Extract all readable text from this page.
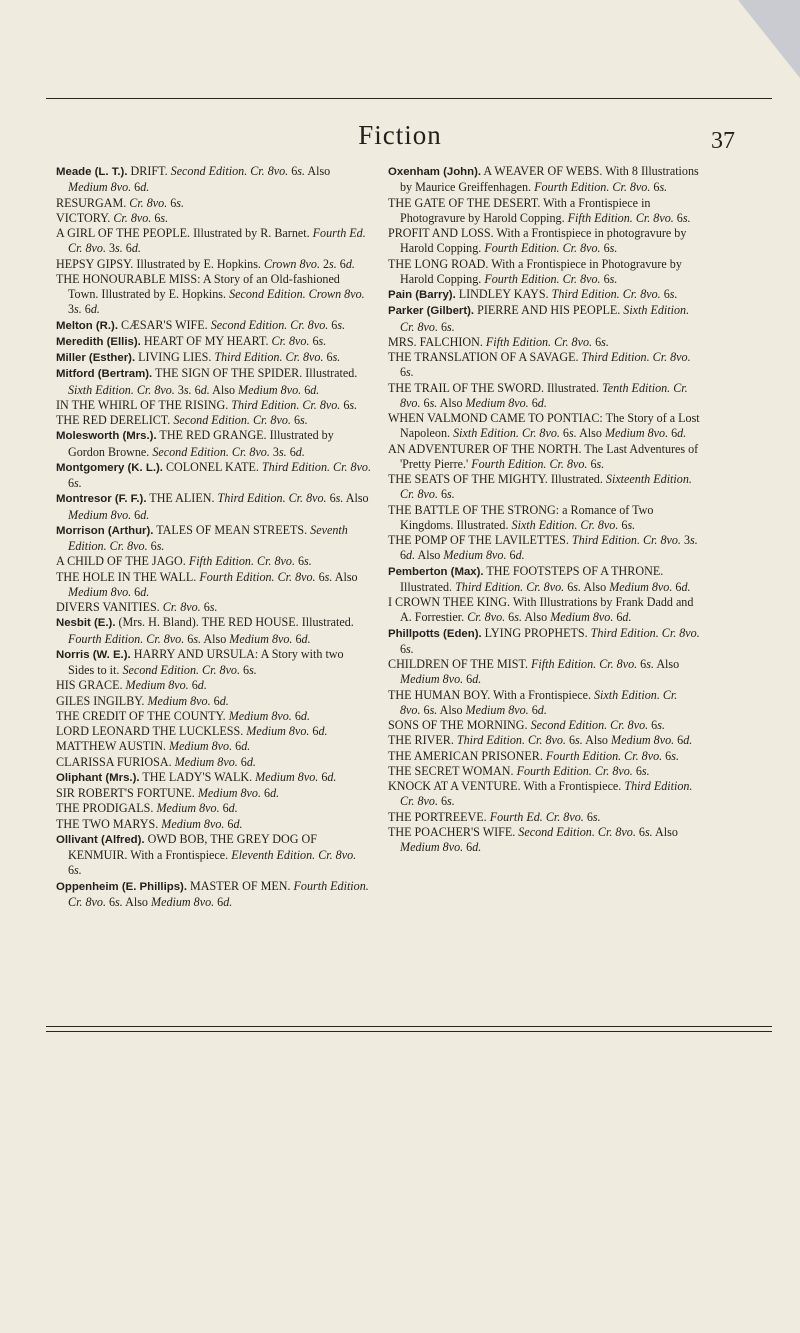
Fiction	37
Meade (L. T.). DRIFT. Second Edition. Cr. 8vo. 6s. Also Medium 8vo. 6d.
RESURGAM. Cr. 8vo. 6s.
VICTORY. Cr. 8vo. 6s.
A GIRL OF THE PEOPLE. Illustrated by R. Barnet. Fourth Ed. Cr. 8vo. 3s. 6d.
HEPSY GIPSY. Illustrated by E. Hopkins. Crown 8vo. 2s. 6d.
THE HONOURABLE MISS: A Story of an Old-fashioned Town. Illustrated by E. Hopkins. Second Edition. Crown 8vo. 3s. 6d.
Melton (R.). CÆSAR'S WIFE. Second Edition. Cr. 8vo. 6s.
Meredith (Ellis). HEART OF MY HEART. Cr. 8vo. 6s.
Miller (Esther). LIVING LIES. Third Edition. Cr. 8vo. 6s.
Mitford (Bertram). THE SIGN OF THE SPIDER. Illustrated. Sixth Edition. Cr. 8vo. 3s. 6d. Also Medium 8vo. 6d.
IN THE WHIRL OF THE RISING. Third Edition. Cr. 8vo. 6s.
THE RED DERELICT. Second Edition. Cr. 8vo. 6s.
Molesworth (Mrs.). THE RED GRANGE. Illustrated by Gordon Browne. Second Edition. Cr. 8vo. 3s. 6d.
Montgomery (K. L.). COLONEL KATE. Third Edition. Cr. 8vo. 6s.
Montresor (F. F.). THE ALIEN. Third Edition. Cr. 8vo. 6s. Also Medium 8vo. 6d.
Morrison (Arthur). TALES OF MEAN STREETS. Seventh Edition. Cr. 8vo. 6s.
A CHILD OF THE JAGO. Fifth Edition. Cr. 8vo. 6s.
THE HOLE IN THE WALL. Fourth Edition. Cr. 8vo. 6s. Also Medium 8vo. 6d.
DIVERS VANITIES. Cr. 8vo. 6s.
Nesbit (E.). (Mrs. H. Bland). THE RED HOUSE. Illustrated. Fourth Edition. Cr. 8vo. 6s. Also Medium 8vo. 6d.
Norris (W. E.). HARRY AND URSULA: A Story with two Sides to it. Second Edition. Cr. 8vo. 6s.
HIS GRACE. Medium 8vo. 6d.
GILES INGILBY. Medium 8vo. 6d.
THE CREDIT OF THE COUNTY. Medium 8vo. 6d.
LORD LEONARD THE LUCKLESS. Medium 8vo. 6d.
MATTHEW AUSTIN. Medium 8vo. 6d.
CLARISSA FURIOSA. Medium 8vo. 6d.
Oliphant (Mrs.). THE LADY'S WALK. Medium 8vo. 6d.
SIR ROBERT'S FORTUNE. Medium 8vo. 6d.
THE PRODIGALS. Medium 8vo. 6d.
THE TWO MARYS. Medium 8vo. 6d.
Ollivant (Alfred). OWD BOB, THE GREY DOG OF KENMUIR. With a Frontispiece. Eleventh Edition. Cr. 8vo. 6s.
Oppenheim (E. Phillips). MASTER OF MEN. Fourth Edition. Cr. 8vo. 6s. Also Medium 8vo. 6d.
Oxenham (John). A WEAVER OF WEBS. With 8 Illustrations by Maurice Greiffenhagen. Fourth Edition. Cr. 8vo. 6s.
THE GATE OF THE DESERT. With a Frontispiece in Photogravure by Harold Copping. Fifth Edition. Cr. 8vo. 6s.
PROFIT AND LOSS. With a Frontispiece in photogravure by Harold Copping. Fourth Edition. Cr. 8vo. 6s.
THE LONG ROAD. With a Frontispiece in Photogravure by Harold Copping. Fourth Edition. Cr. 8vo. 6s.
Pain (Barry). LINDLEY KAYS. Third Edition. Cr. 8vo. 6s.
Parker (Gilbert). PIERRE AND HIS PEOPLE. Sixth Edition. Cr. 8vo. 6s.
MRS. FALCHION. Fifth Edition. Cr. 8vo. 6s.
THE TRANSLATION OF A SAVAGE. Third Edition. Cr. 8vo. 6s.
THE TRAIL OF THE SWORD. Illustrated. Tenth Edition. Cr. 8vo. 6s. Also Medium 8vo. 6d.
WHEN VALMOND CAME TO PONTIAC: The Story of a Lost Napoleon. Sixth Edition. Cr. 8vo. 6s. Also Medium 8vo. 6d.
AN ADVENTURER OF THE NORTH. The Last Adventures of 'Pretty Pierre.' Fourth Edition. Cr. 8vo. 6s.
THE SEATS OF THE MIGHTY. Illustrated. Sixteenth Edition. Cr. 8vo. 6s.
THE BATTLE OF THE STRONG: a Romance of Two Kingdoms. Illustrated. Sixth Edition. Cr. 8vo. 6s.
THE POMP OF THE LAVILETTES. Third Edition. Cr. 8vo. 3s. 6d. Also Medium 8vo. 6d.
Pemberton (Max). THE FOOTSTEPS OF A THRONE. Illustrated. Third Edition. Cr. 8vo. 6s. Also Medium 8vo. 6d.
I CROWN THEE KING. With Illustrations by Frank Dadd and A. Forrestier. Cr. 8vo. 6s. Also Medium 8vo. 6d.
Phillpotts (Eden). LYING PROPHETS. Third Edition. Cr. 8vo. 6s.
CHILDREN OF THE MIST. Fifth Edition. Cr. 8vo. 6s. Also Medium 8vo. 6d.
THE HUMAN BOY. With a Frontispiece. Sixth Edition. Cr. 8vo. 6s. Also Medium 8vo. 6d.
SONS OF THE MORNING. Second Edition. Cr. 8vo. 6s.
THE RIVER. Third Edition. Cr. 8vo. 6s. Also Medium 8vo. 6d.
THE AMERICAN PRISONER. Fourth Edition. Cr. 8vo. 6s.
THE SECRET WOMAN. Fourth Edition. Cr. 8vo. 6s.
KNOCK AT A VENTURE. With a Frontispiece. Third Edition. Cr. 8vo. 6s.
THE PORTREEVE. Fourth Ed. Cr. 8vo. 6s.
THE POACHER'S WIFE. Second Edition. Cr. 8vo. 6s. Also Medium 8vo. 6d.
